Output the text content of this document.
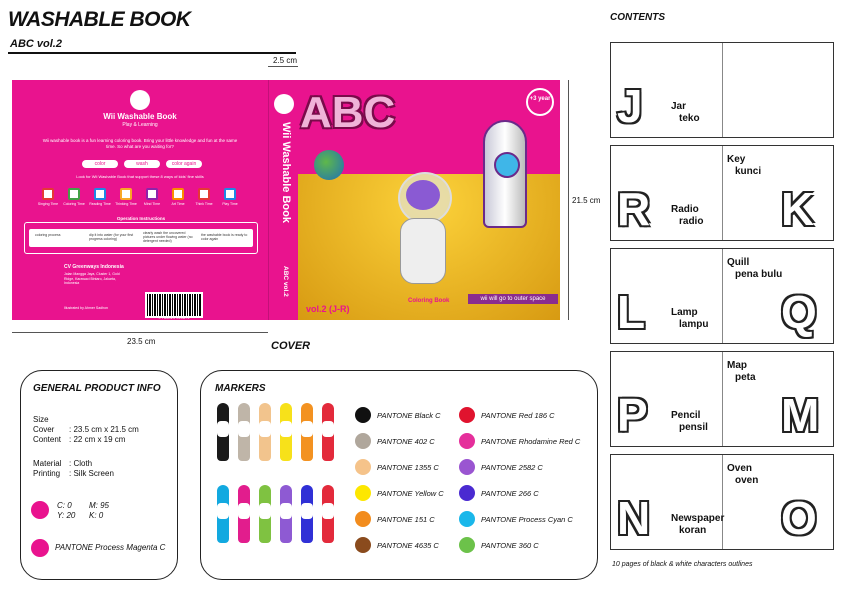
WASHABLE BOOK
ABC vol.2
2.5 cm
21.5 cm
23.5 cm
Wii Washable Book
Play & Learning
Wii washable book is a fun learning coloring book. Bring your little knowledge and fun at the same time. So what are you waiting for?
color	wash	color again
Look for Wii Washable Book that support these 8 ways of kids' fine skills
Singing Time	Coloring Time	Reading Time	Thinking Time	Mind Time	Art Time	Think Time	Play Time
Operation Instructions
coloring process	dip it into water (for your first progress coloring)
clearly wash the uncovered pictures under flowing water (no detergent needed)
the washable book is ready to color again
CV Greenways Indonesia
Jalan Mangga Jaya, Cluster 1, Gold Ridge, Karawaci Bintaro, Jakarta, Indonesia
Illustrated by Ahmer Sadhon
9 786021 020871
Wii Washable Book
ABC vol.2
ABC	+3 year
vol.2 (J-R)
Coloring Book	wii will go to outer space
COVER
GENERAL PRODUCT INFO
Size
Cover : 23.5 cm x 21.5 cm
Content : 22 cm x 19 cm
Material : Cloth
Printing : Silk Screen
C: 0 M: 95
Y: 20 K: 0
PANTONE Process Magenta C
MARKERS
PANTONE Black C
PANTONE 402 C
PANTONE 1355 C
PANTONE Yellow C
PANTONE 151 C
PANTONE 4635 C
PANTONE Red 186 C
PANTONE Rhodamine Red C
PANTONE 2582 C
PANTONE 266 C
PANTONE Process Cyan C
PANTONE 360 C
CONTENTS
J	Jar
teko
R Radio
radio K
Key
kunci
L	Lamp
lampu Q
Quill
pena bulu
P Pencil
pensil M
Map
peta
N Newspaper
koran O
Oven
oven
10 pages of black & white characters outlines
